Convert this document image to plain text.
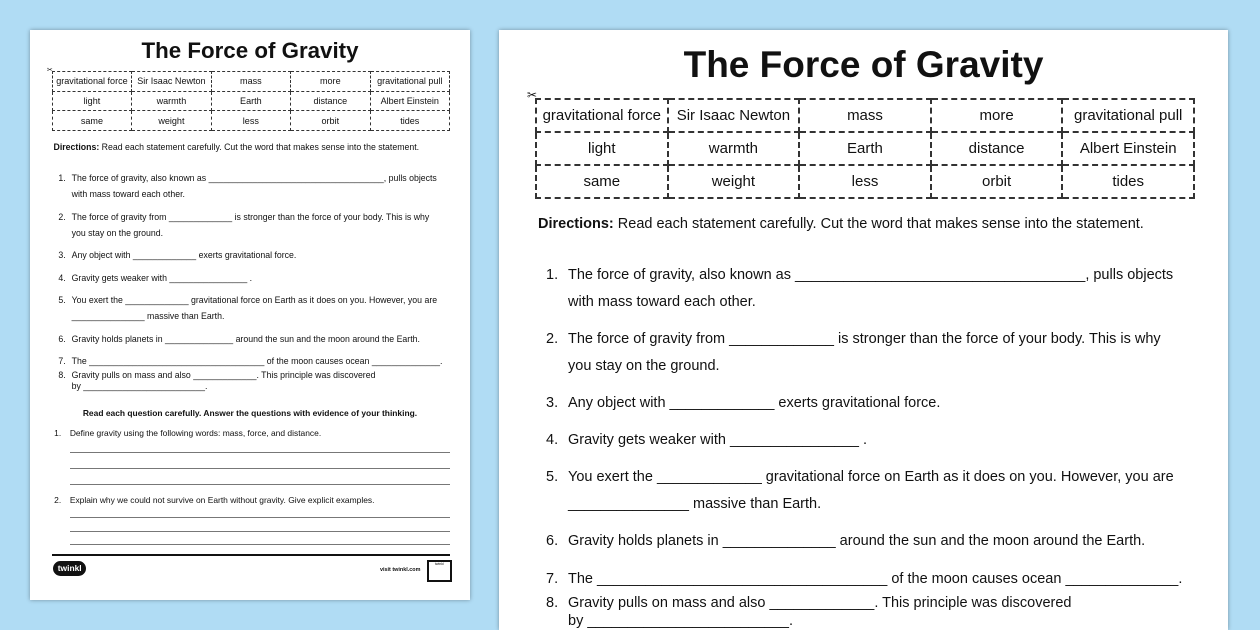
The Force of Gravity
✂
gravitational force	Sir Isaac Newton	mass	more	gravitational pull
light	warmth	Earth	distance	Albert Einstein
same	weight	less	orbit	tides
Directions: Read each statement carefully. Cut the word that makes sense into the statement.
1. The force of gravity, also known as ____________________________________, pulls objects
with mass toward each other.
2. The force of gravity from _____________ is stronger than the force of your body. This is why
you stay on the ground.
3. Any object with _____________ exerts gravitational force.
4. Gravity gets weaker with ________________ .
5. You exert the _____________ gravitational force on Earth as it does on you. However, you are
_______________ massive than Earth.
6. Gravity holds planets in ______________ around the sun and the moon around the Earth.
7. The ____________________________________ of the moon causes ocean ______________.
8. Gravity pulls on mass and also _____________. This principle was discovered
by _________________________.
Read each question carefully. Answer the questions with evidence of your thinking.
1. Define gravity using the following words: mass, force, and distance.
2. Explain why we could not survive on Earth without gravity. Give explicit examples.
twinkl	visit twinkl.com
twinkl
The Force of Gravity
✂
gravitational force	Sir Isaac Newton	mass	more	gravitational pull
light	warmth	Earth	distance	Albert Einstein
same	weight	less	orbit	tides
Directions: Read each statement carefully. Cut the word that makes sense into the statement.
1. The force of gravity, also known as ____________________________________, pulls objects
with mass toward each other.
2. The force of gravity from _____________ is stronger than the force of your body. This is why
you stay on the ground.
3. Any object with _____________ exerts gravitational force.
4. Gravity gets weaker with ________________ .
5. You exert the _____________ gravitational force on Earth as it does on you. However, you are
_______________ massive than Earth.
6. Gravity holds planets in ______________ around the sun and the moon around the Earth.
7. The ____________________________________ of the moon causes ocean ______________.
8. Gravity pulls on mass and also _____________. This principle was discovered
by _________________________.
